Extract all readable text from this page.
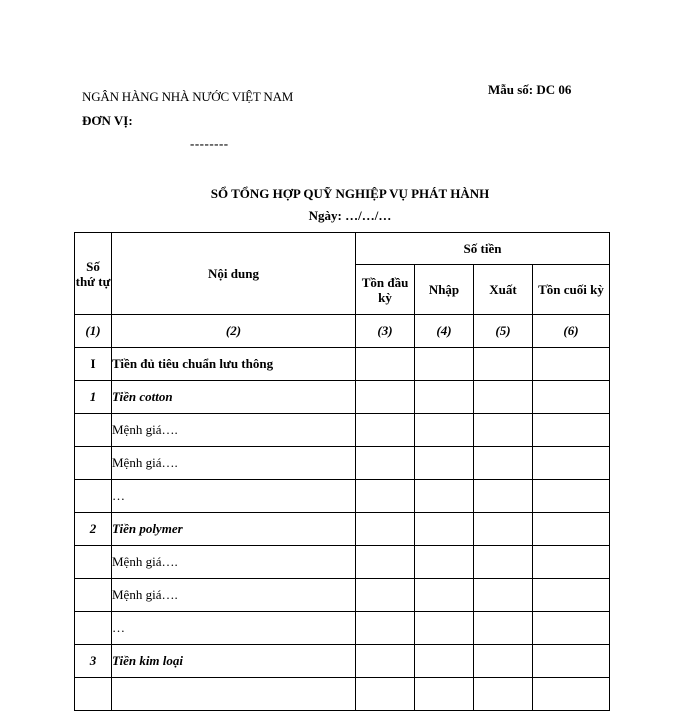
NGÂN HÀNG NHÀ NƯỚC VIỆT NAM
ĐƠN VỊ:
--------
Mẫu số: DC 06
SỔ TỔNG HỢP QUỸ NGHIỆP VỤ PHÁT HÀNH
Ngày: …/…/…
Số thứ tự	Nội dung	Số tiền			
		Tồn đầu kỳ	Nhập	Xuất	Tồn cuối kỳ
(1)	(2)	(3)	(4)	(5)	(6)
I	Tiền đủ tiêu chuẩn lưu thông				
1	Tiền cotton				
	Mệnh giá….				
	Mệnh giá….				
	…				
2	Tiền polymer				
	Mệnh giá….				
	Mệnh giá….				
	…				
3	Tiền kim loại				
